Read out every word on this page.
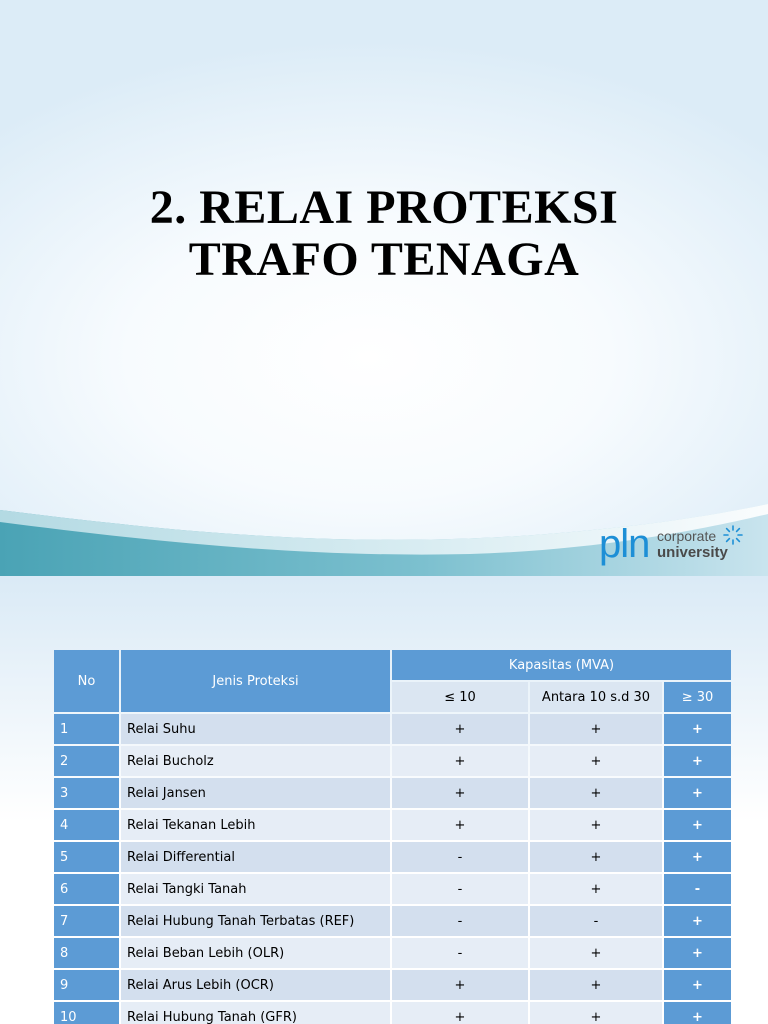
2. RELAI PROTEKSI
TRAFO TENAGA
pln corporate
university
No	Jenis Proteksi	Kapasitas (MVA)		
		≤ 10	Antara 10 s.d 30	≥ 30
1	Relai Suhu	+	+	+
2	Relai Bucholz	+	+	+
3	Relai Jansen	+	+	+
4	Relai Tekanan Lebih	+	+	+
5	Relai Differential	-	+	+
6	Relai Tangki Tanah	-	+	-
7	Relai Hubung Tanah Terbatas (REF)	-	-	+
8	Relai Beban Lebih (OLR)	-	+	+
9	Relai Arus Lebih (OCR)	+	+	+
10	Relai Hubung Tanah (GFR)	+	+	+
